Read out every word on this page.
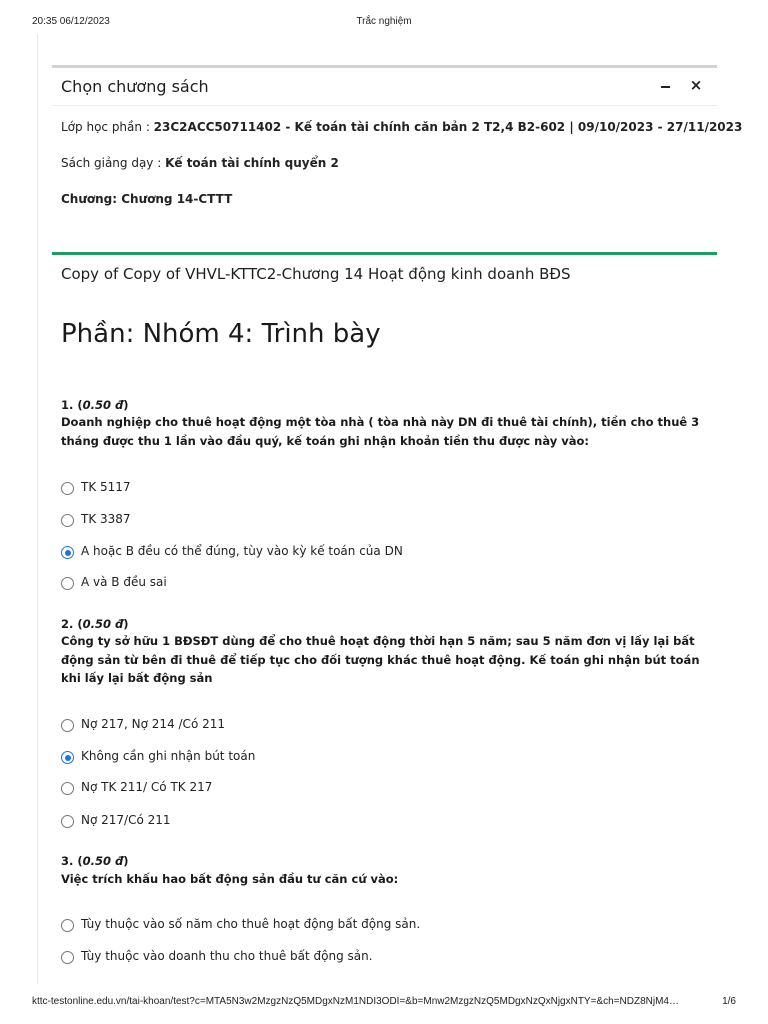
20:35 06/12/2023	Trắc nghiệm
Chọn chương sách	×
Lớp học phần : 23C2ACC50711402 - Kế toán tài chính căn bản 2 T2,4 B2-602 | 09/10/2023 - 27/11/2023
Sách giảng dạy : Kế toán tài chính quyển 2
Chương: Chương 14-CTTT
Copy of Copy of VHVL-KTTC2-Chương 14 Hoạt động kinh doanh BĐS
Phần: Nhóm 4: Trình bày
1. (0.50 đ)
Doanh nghiệp cho thuê hoạt động một tòa nhà ( tòa nhà này DN đi thuê tài chính), tiền cho thuê 3 tháng được thu 1 lần vào đầu quý, kế toán ghi nhận khoản tiền thu được này vào:
TK 5117
TK 3387
A hoặc B đều có thể đúng, tùy vào kỳ kế toán của DN
A và B đều sai
2. (0.50 đ)
Công ty sở hữu 1 BĐSĐT dùng để cho thuê hoạt động thời hạn 5 năm; sau 5 năm đơn vị lấy lại bất động sản từ bên đi thuê để tiếp tục cho đối tượng khác thuê hoạt động. Kế toán ghi nhận bút toán khi lấy lại bất động sản
Nợ 217, Nợ 214 /Có 211
Không cần ghi nhận bút toán
Nợ TK 211/ Có TK 217
Nợ 217/Có 211
3. (0.50 đ)
Việc trích khấu hao bất động sản đầu tư căn cứ vào:
Tùy thuộc vào số năm cho thuê hoạt động bất động sản.
Tùy thuộc vào doanh thu cho thuê bất động sản.
kttc-testonline.edu.vn/tai-khoan/test?c=MTA5N3w2MzgzNzQ5MDgxNzM1NDI3ODI=&b=Mnw2MzgzNzQ5MDgxNzQxNjgxNTY=&ch=NDZ8NjM4…	1/6
